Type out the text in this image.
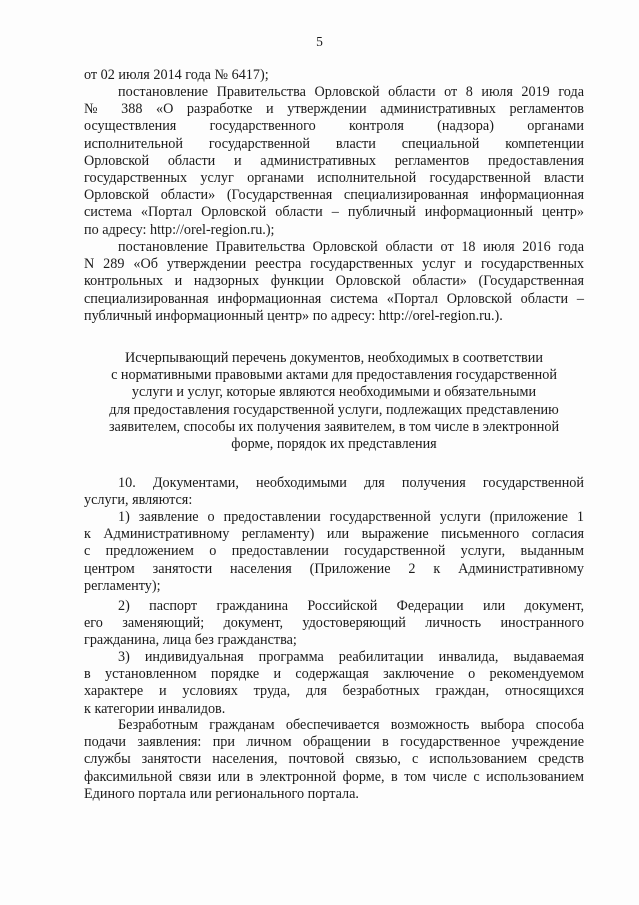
5
от 02 июля 2014 года № 6417);
постановление Правительства Орловской области от 8 июля 2019 года
№ 388 «О разработке и утверждении административных регламентов
осуществления государственного контроля (надзора) органами
исполнительной государственной власти специальной компетенции
Орловской области и административных регламентов предоставления
государственных услуг органами исполнительной государственной власти
Орловской области» (Государственная специализированная информационная
система «Портал Орловской области – публичный информационный центр»
по адресу: http://orel-region.ru.);
постановление Правительства Орловской области от 18 июля 2016 года
N 289 «Об утверждении реестра государственных услуг и государственных
контрольных и надзорных функции Орловской области» (Государственная
специализированная информационная система «Портал Орловской области –
публичный информационный центр» по адресу: http://orel-region.ru.).
Исчерпывающий перечень документов, необходимых в соответствии
с нормативными правовыми актами для предоставления государственной
услуги и услуг, которые являются необходимыми и обязательными
для предоставления государственной услуги, подлежащих представлению
заявителем, способы их получения заявителем, в том числе в электронной
форме, порядок их представления
10. Документами, необходимыми для получения государственной
услуги, являются:
1) заявление о предоставлении государственной услуги (приложение 1
к Административному регламенту) или выражение письменного согласия
с предложением о предоставлении государственной услуги, выданным
центром занятости населения (Приложение 2 к Административному
регламенту);
2) паспорт гражданина Российской Федерации или документ,
его заменяющий; документ, удостоверяющий личность иностранного
гражданина, лица без гражданства;
3) индивидуальная программа реабилитации инвалида, выдаваемая
в установленном порядке и содержащая заключение о рекомендуемом
характере и условиях труда, для безработных граждан, относящихся
к категории инвалидов.
Безработным гражданам обеспечивается возможность выбора способа
подачи заявления: при личном обращении в государственное учреждение
службы занятости населения, почтовой связью, с использованием средств
факсимильной связи или в электронной форме, в том числе с использованием
Единого портала или регионального портала.
